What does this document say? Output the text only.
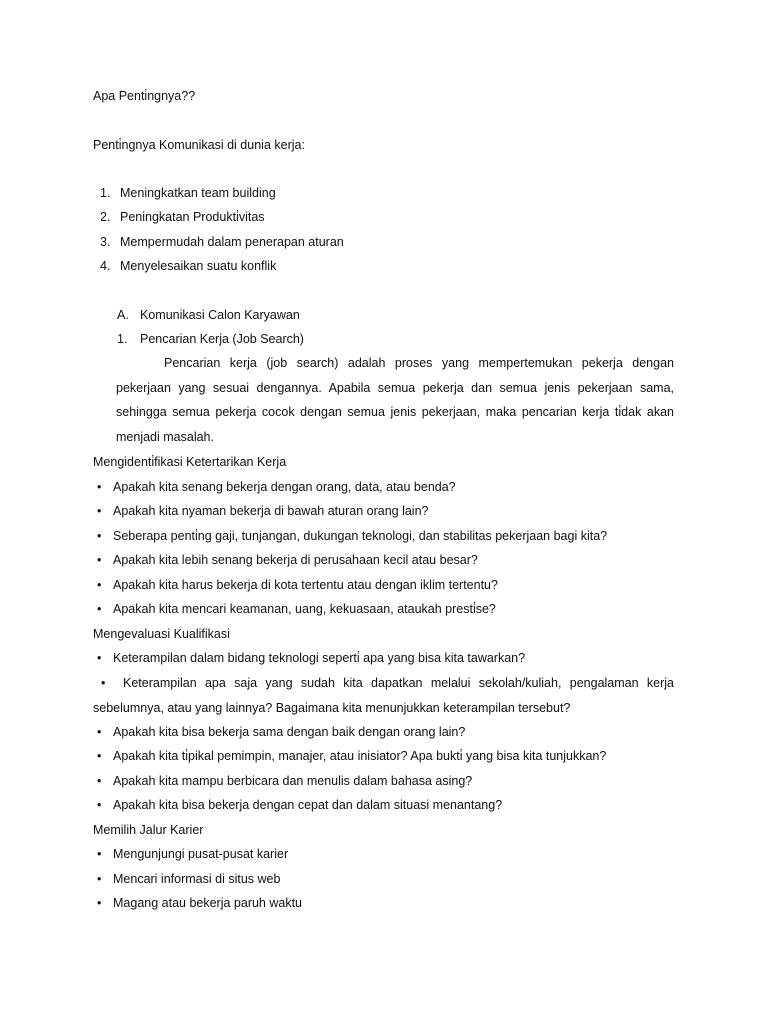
Apa Penti̇ngnya??
Penti̇ngnya Komunikasi di dunia kerja:
1. Meningkatkan team building
2. Peningkatan Produkti̇vitas
3. Mempermudah dalam penerapan aturan
4. Menyelesaikan suatu konflik
A. Komunikasi Calon Karyawan
1. Pencarian Kerja (Job Search)
Pencarian kerja (job search) adalah proses yang mempertemukan pekerja dengan pekerjaan yang sesuai dengannya. Apabila semua pekerja dan semua jenis pekerjaan sama, sehingga semua pekerja cocok dengan semua jenis pekerjaan, maka pencarian kerja ti̇dak akan menjadi masalah.
Mengidenti̇fikasi Ketertarikan Kerja
• Apakah kita senang bekerja dengan orang, data, atau benda?
• Apakah kita nyaman bekerja di bawah aturan orang lain?
• Seberapa penti̇ng gaji, tunjangan, dukungan teknologi, dan stabilitas pekerjaan bagi kita?
• Apakah kita lebih senang bekerja di perusahaan kecil atau besar?
• Apakah kita harus bekerja di kota tertentu atau dengan iklim tertentu?
• Apakah kita mencari keamanan, uang, kekuasaan, ataukah presti̇se?
Mengevaluasi Kualifikasi
• Keterampilan dalam bidang teknologi seperti̇ apa yang bisa kita tawarkan?
•	Keterampilan apa saja yang sudah kita dapatkan melalui sekolah/kuliah, pengalaman kerja sebelumnya, atau yang lainnya? Bagaimana kita menunjukkan keterampilan tersebut?
• Apakah kita bisa bekerja sama dengan baik dengan orang lain?
• Apakah kita ti̇pikal pemimpin, manajer, atau inisiator? Apa bukti̇ yang bisa kita tunjukkan?
• Apakah kita mampu berbicara dan menulis dalam bahasa asing?
• Apakah kita bisa bekerja dengan cepat dan dalam situasi menantang?
Memilih Jalur Karier
• Mengunjungi pusat-pusat karier
• Mencari informasi di situs web
• Magang atau bekerja paruh waktu
